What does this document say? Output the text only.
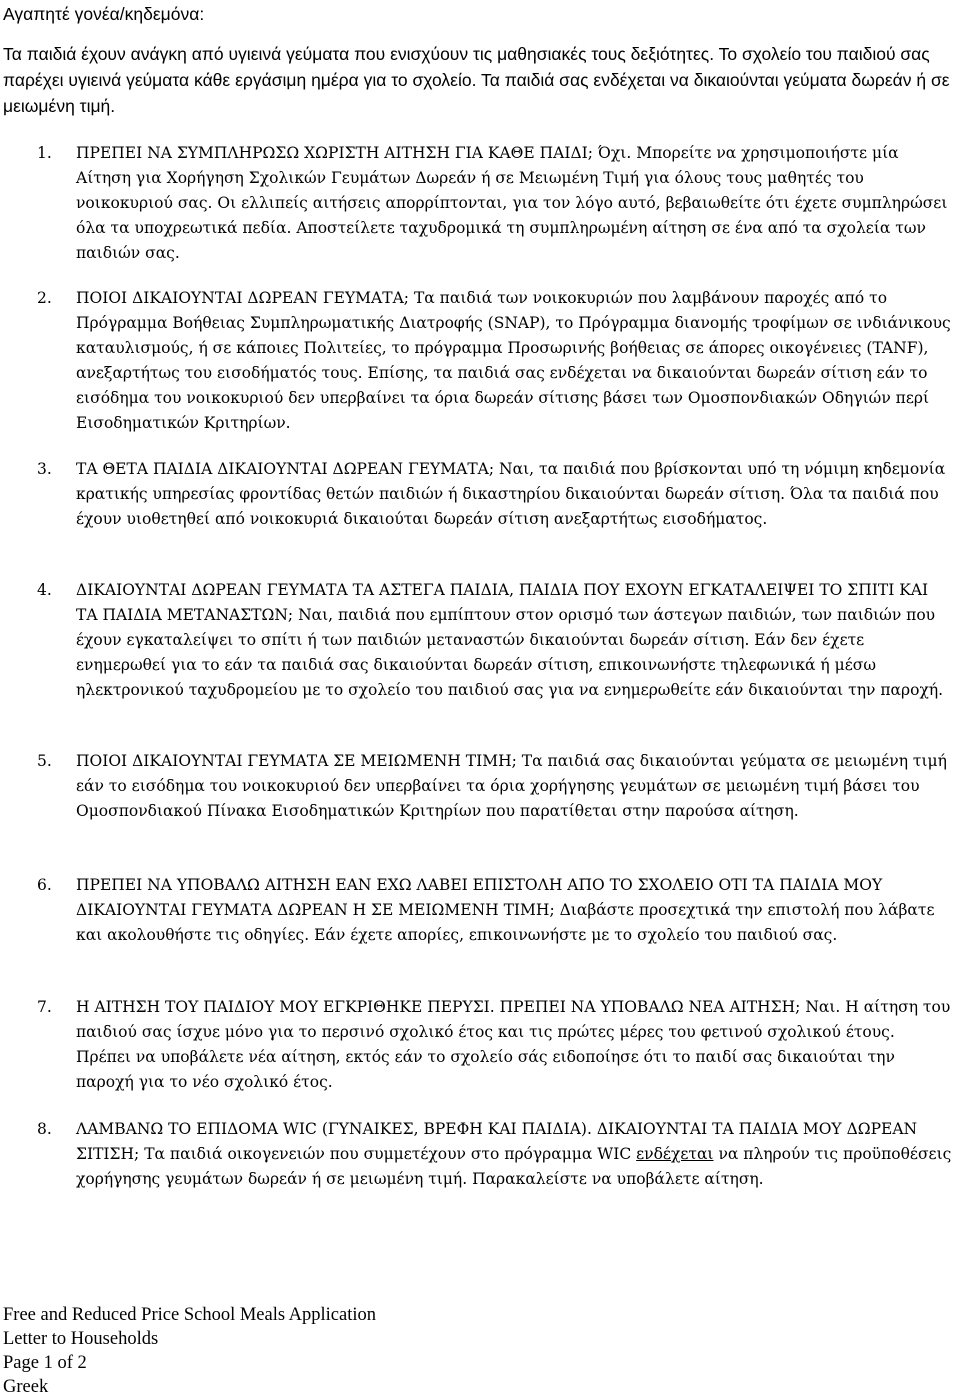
Αγαπητέ γονέα/κηδεμόνα:
Τα παιδιά έχουν ανάγκη από υγιεινά γεύματα που ενισχύουν τις μαθησιακές τους δεξιότητες. Το σχολείο του παιδιού σας παρέχει υγιεινά γεύματα κάθε εργάσιμη ημέρα για το σχολείο. Τα παιδιά σας ενδέχεται να δικαιούνται γεύματα δωρεάν ή σε μειωμένη τιμή.
1. ΠΡΕΠΕΙ ΝΑ ΣΥΜΠΛΗΡΩΣΩ ΧΩΡΙΣΤΗ ΑΙΤΗΣΗ ΓΙΑ ΚΑΘΕ ΠΑΙΔΙ; Όχι. Μπορείτε να χρησιμοποιήστε μία Αίτηση για Χορήγηση Σχολικών Γευμάτων Δωρεάν ή σε Μειωμένη Τιμή για όλους τους μαθητές του νοικοκυριού σας. Οι ελλιπείς αιτήσεις απορρίπτονται, για τον λόγο αυτό, βεβαιωθείτε ότι έχετε συμπληρώσει όλα τα υποχρεωτικά πεδία. Αποστείλετε ταχυδρομικά τη συμπληρωμένη αίτηση σε ένα από τα σχολεία των παιδιών σας.
2. ΠΟΙΟΙ ΔΙΚΑΙΟΥΝΤΑΙ ΔΩΡΕΑΝ ΓΕΥΜΑΤΑ; Τα παιδιά των νοικοκυριών που λαμβάνουν παροχές από το Πρόγραμμα Βοήθειας Συμπληρωματικής Διατροφής (SNAP), το Πρόγραμμα διανομής τροφίμων σε ινδιάνικους καταυλισμούς, ή σε κάποιες Πολιτείες, το πρόγραμμα Προσωρινής βοήθειας σε άπορες οικογένειες (TANF), ανεξαρτήτως του εισοδήματός τους. Επίσης, τα παιδιά σας ενδέχεται να δικαιούνται δωρεάν σίτιση εάν το εισόδημα του νοικοκυριού δεν υπερβαίνει τα όρια δωρεάν σίτισης βάσει των Ομοσπονδιακών Οδηγιών περί Εισοδηματικών Κριτηρίων.
3. ΤΑ ΘΕΤΑ ΠΑΙΔΙΑ ΔΙΚΑΙΟΥΝΤΑΙ ΔΩΡΕΑΝ ΓΕΥΜΑΤΑ; Ναι, τα παιδιά που βρίσκονται υπό τη νόμιμη κηδεμονία κρατικής υπηρεσίας φροντίδας θετών παιδιών ή δικαστηρίου δικαιούνται δωρεάν σίτιση. Όλα τα παιδιά που έχουν υιοθετηθεί από νοικοκυριά δικαιούται δωρεάν σίτιση ανεξαρτήτως εισοδήματος.
4. ΔΙΚΑΙΟΥΝΤΑΙ ΔΩΡΕΑΝ ΓΕΥΜΑΤΑ ΤΑ ΑΣΤΕΓΑ ΠΑΙΔΙΑ, ΠΑΙΔΙΑ ΠΟΥ ΕΧΟΥΝ ΕΓΚΑΤΑΛΕΙΨΕΙ ΤΟ ΣΠΙΤΙ ΚΑΙ ΤΑ ΠΑΙΔΙΑ ΜΕΤΑΝΑΣΤΩΝ; Ναι, παιδιά που εμπίπτουν στον ορισμό των άστεγων παιδιών, των παιδιών που έχουν εγκαταλείψει το σπίτι ή των παιδιών μεταναστών δικαιούνται δωρεάν σίτιση. Εάν δεν έχετε ενημερωθεί για το εάν τα παιδιά σας δικαιούνται δωρεάν σίτιση, επικοινωνήστε τηλεφωνικά ή μέσω ηλεκτρονικού ταχυδρομείου με το σχολείο του παιδιού σας για να ενημερωθείτε εάν δικαιούνται την παροχή.
5. ΠΟΙΟΙ ΔΙΚΑΙΟΥΝΤΑΙ ΓΕΥΜΑΤΑ ΣΕ ΜΕΙΩΜΕΝΗ ΤΙΜΗ; Τα παιδιά σας δικαιούνται γεύματα σε μειωμένη τιμή εάν το εισόδημα του νοικοκυριού δεν υπερβαίνει τα όρια χορήγησης γευμάτων σε μειωμένη τιμή βάσει του Ομοσπονδιακού Πίνακα Εισοδηματικών Κριτηρίων που παρατίθεται στην παρούσα αίτηση.
6. ΠΡΕΠΕΙ ΝΑ ΥΠΟΒΑΛΩ ΑΙΤΗΣΗ ΕΑΝ ΕΧΩ ΛΑΒΕΙ ΕΠΙΣΤΟΛΗ ΑΠΟ ΤΟ ΣΧΟΛΕΙΟ ΟΤΙ ΤΑ ΠΑΙΔΙΑ ΜΟΥ ΔΙΚΑΙΟΥΝΤΑΙ ΓΕΥΜΑΤΑ ΔΩΡΕΑΝ Η ΣΕ ΜΕΙΩΜΕΝΗ ΤΙΜΗ; Διαβάστε προσεχτικά την επιστολή που λάβατε και ακολουθήστε τις οδηγίες. Εάν έχετε απορίες, επικοινωνήστε με το σχολείο του παιδιού σας.
7. Η ΑΙΤΗΣΗ ΤΟΥ ΠΑΙΔΙΟΥ ΜΟΥ ΕΓΚΡΙΘΗΚΕ ΠΕΡΥΣΙ. ΠΡΕΠΕΙ ΝΑ ΥΠΟΒΑΛΩ ΝΕΑ ΑΙΤΗΣΗ; Ναι. Η αίτηση του παιδιού σας ίσχυε μόνο για το περσινό σχολικό έτος και τις πρώτες μέρες του φετινού σχολικού έτους. Πρέπει να υποβάλετε νέα αίτηση, εκτός εάν το σχολείο σάς ειδοποίησε ότι το παιδί σας δικαιούται την παροχή για το νέο σχολικό έτος.
8. ΛΑΜΒΑΝΩ ΤΟ ΕΠΙΔΟΜΑ WIC (ΓΥΝΑΙΚΕΣ, ΒΡΕΦΗ ΚΑΙ ΠΑΙΔΙΑ). ΔΙΚΑΙΟΥΝΤΑΙ ΤΑ ΠΑΙΔΙΑ ΜΟΥ ΔΩΡΕΑΝ ΣΙΤΙΣΗ; Τα παιδιά οικογενειών που συμμετέχουν στο πρόγραμμα WIC ενδέχεται να πληρούν τις προϋποθέσεις χορήγησης γευμάτων δωρεάν ή σε μειωμένη τιμή. Παρακαλείστε να υποβάλετε αίτηση.
Free and Reduced Price School Meals Application
Letter to Households
Page 1 of 2
Greek
